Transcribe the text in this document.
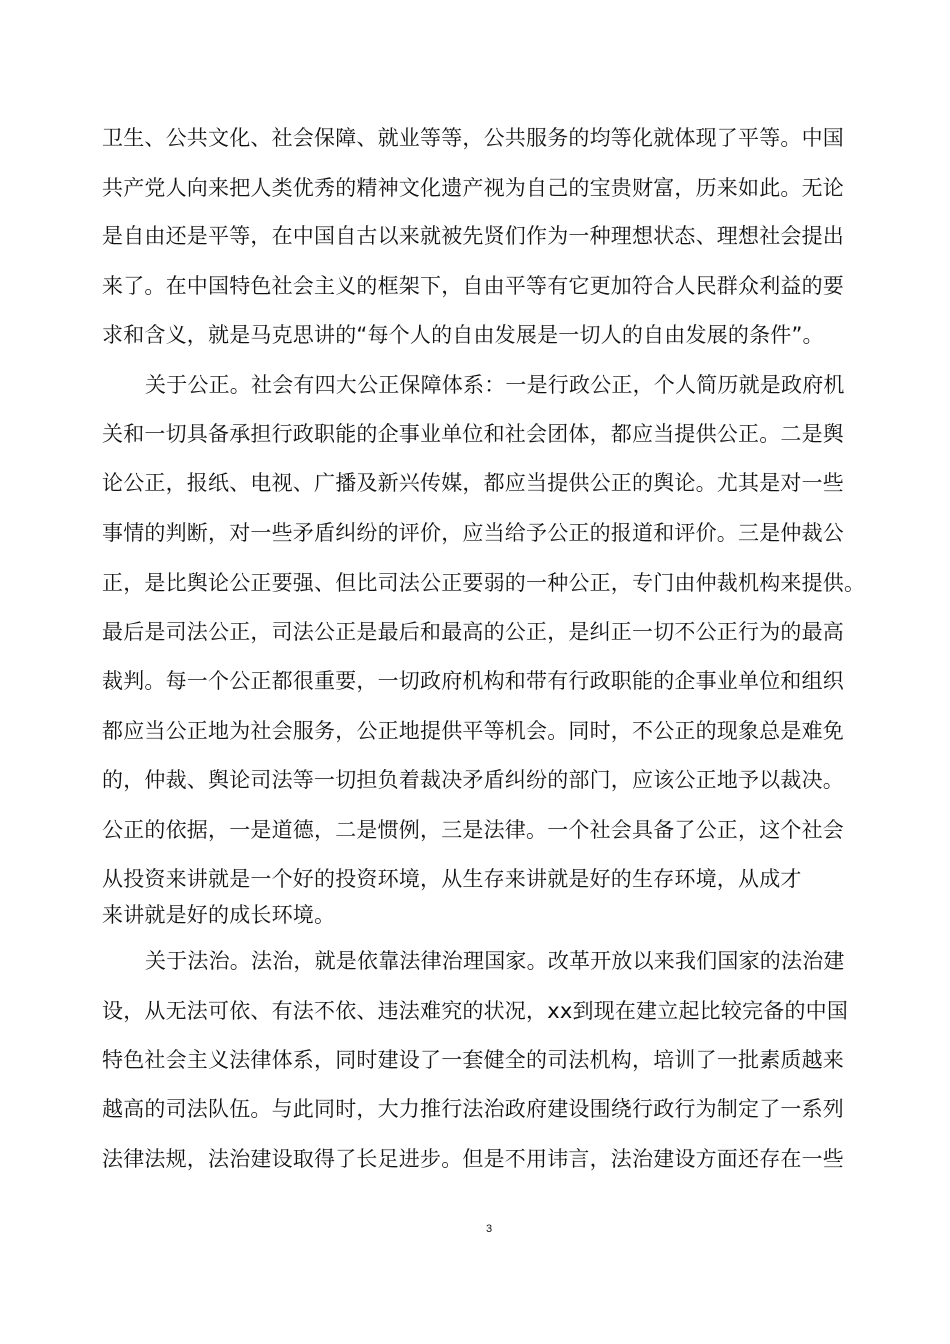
卫生、公共文化、社会保障、就业等等，公共服务的均等化就体现了平等。中国
共产党人向来把人类优秀的精神文化遗产视为自己的宝贵财富，历来如此。无论
是自由还是平等，在中国自古以来就被先贤们作为一种理想状态、理想社会提出
来了。在中国特色社会主义的框架下，自由平等有它更加符合人民群众利益的要
求和含义，就是马克思讲的“每个人的自由发展是一切人的自由发展的条件”。
关于公正。社会有四大公正保障体系：一是行政公正，个人简历就是政府机
关和一切具备承担行政职能的企事业单位和社会团体，都应当提供公正。二是舆
论公正，报纸、电视、广播及新兴传媒，都应当提供公正的舆论。尤其是对一些
事情的判断，对一些矛盾纠纷的评价，应当给予公正的报道和评价。三是仲裁公
正，是比舆论公正要强、但比司法公正要弱的一种公正，专门由仲裁机构来提供。
最后是司法公正，司法公正是最后和最高的公正，是纠正一切不公正行为的最高
裁判。每一个公正都很重要，一切政府机构和带有行政职能的企事业单位和组织
都应当公正地为社会服务，公正地提供平等机会。同时，不公正的现象总是难免
的，仲裁、舆论司法等一切担负着裁决矛盾纠纷的部门，应该公正地予以裁决。
公正的依据，一是道德，二是惯例，三是法律。一个社会具备了公正，这个社会
从投资来讲就是一个好的投资环境，从生存来讲就是好的生存环境，从成才
来讲就是好的成长环境。
关于法治。法治，就是依靠法律治理国家。改革开放以来我们国家的法治建
设，从无法可依、有法不依、违法难究的状况，xx到现在建立起比较完备的中国
特色社会主义法律体系，同时建设了一套健全的司法机构，培训了一批素质越来
越高的司法队伍。与此同时，大力推行法治政府建设围绕行政行为制定了一系列
法律法规，法治建设取得了长足进步。但是不用讳言，法治建设方面还存在一些
3
